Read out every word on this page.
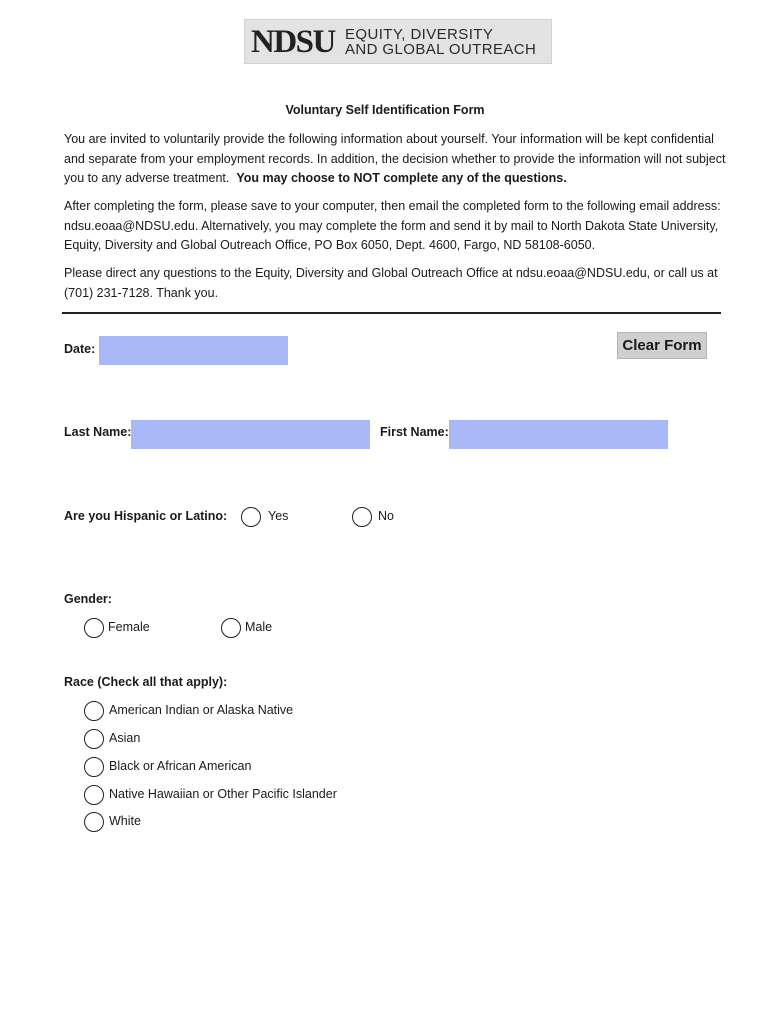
NDSU EQUITY, DIVERSITY
AND GLOBAL OUTREACH
Voluntary Self Identification Form
You are invited to voluntarily provide the following information about yourself. Your information will be kept confidential and separate from your employment records. In addition, the decision whether to provide the information will not subject you to any adverse treatment. You may choose to NOT complete any of the questions.
After completing the form, please save to your computer, then email the completed form to the following email address: ndsu.eoaa@NDSU.edu. Alternatively, you may complete the form and send it by mail to North Dakota State University, Equity, Diversity and Global Outreach Office, PO Box 6050, Dept. 4600, Fargo, ND 58108-6050.
Please direct any questions to the Equity, Diversity and Global Outreach Office at ndsu.eoaa@NDSU.edu, or call us at (701) 231-7128. Thank you.
Date:	Clear Form
Last Name:	First Name:
Are you Hispanic or Latino:	Yes	No
Gender:
Female	Male
Race (Check all that apply):
American Indian or Alaska Native
Asian
Black or African American
Native Hawaiian or Other Pacific Islander
White
